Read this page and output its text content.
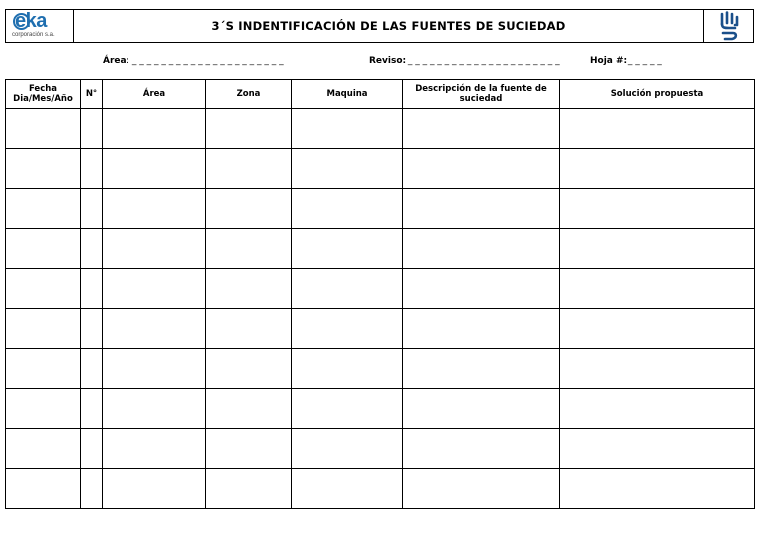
eka
corporación s.a.
3´S INDENTIFICACIÓN DE LAS FUENTES DE SUCIEDAD
Área : _ _ _ _ _ _ _ _ _ _ _ _ _ _ _ _ _ _ _ _ _	Reviso:
_ _ _ _ _ _ _ _ _ _ _ _ _ _ _ _ _ _ _ _ _	Hoja #:
_ _ _ _ _
Fecha Dia/Mes/Año	N°	Área	Zona	Maquina	Descripción de la fuente de suciedad	Solución propuesta
